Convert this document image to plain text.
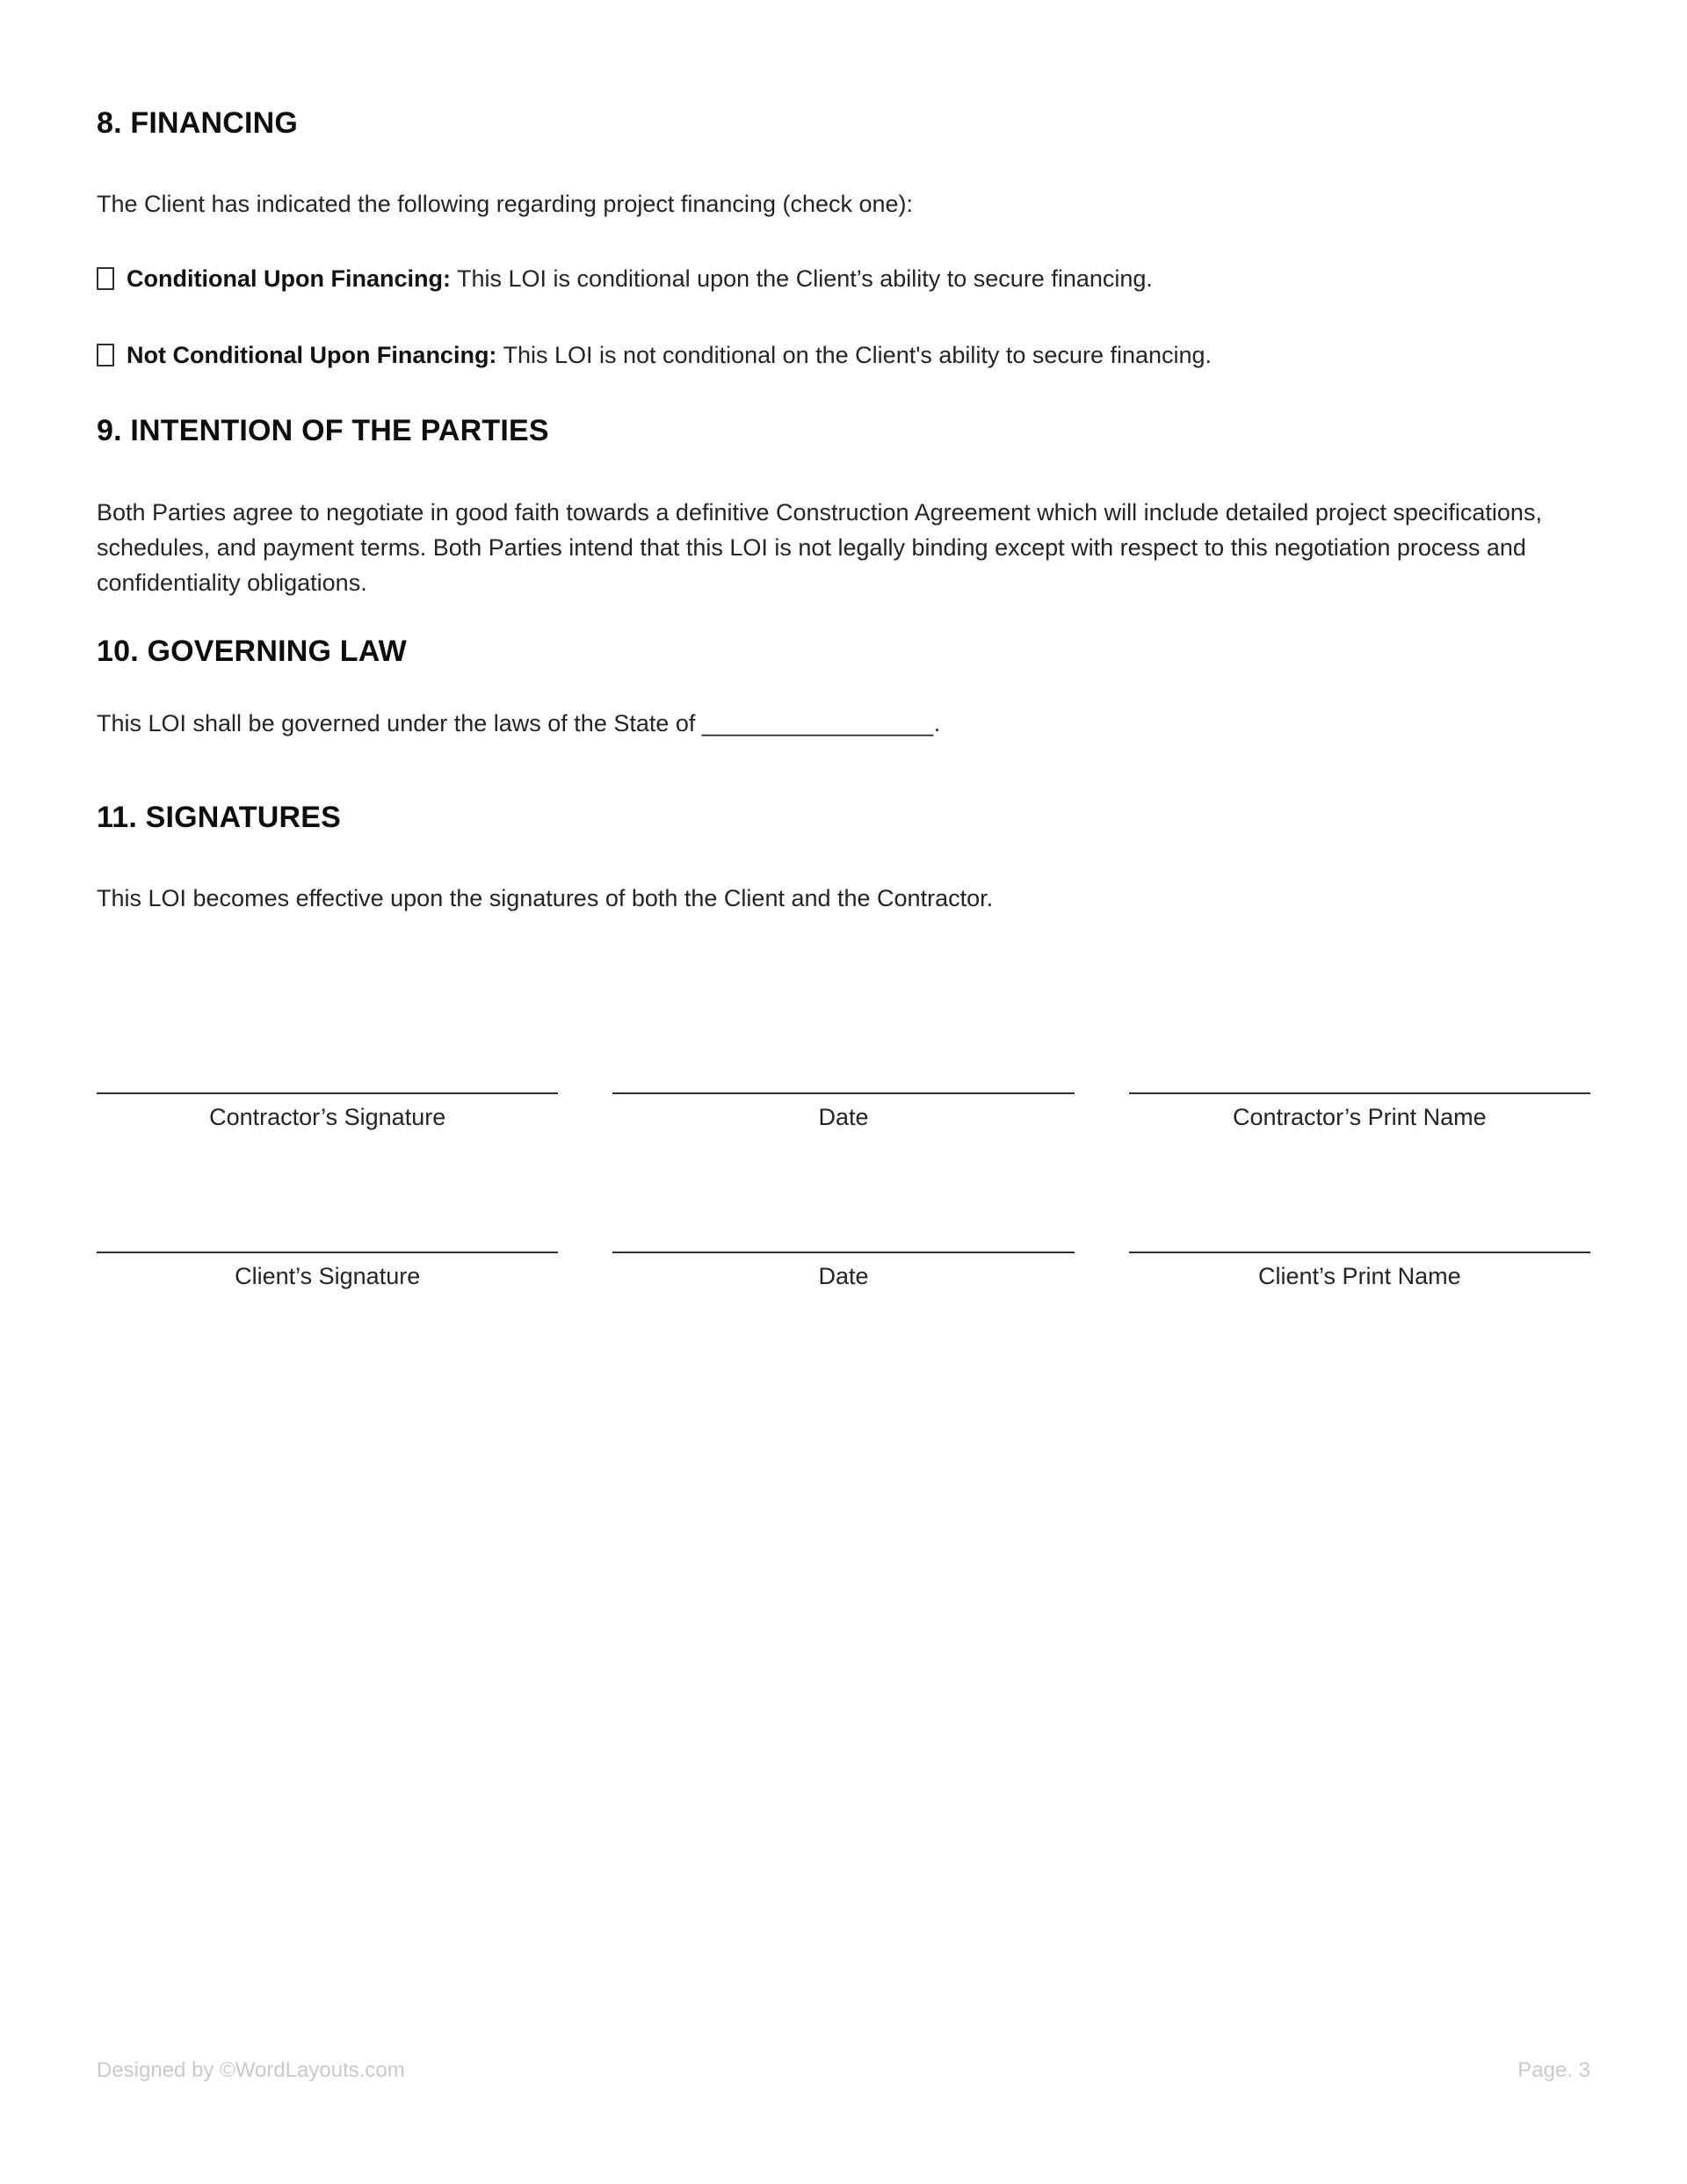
8. FINANCING

The Client has indicated the following regarding project financing (check one):

Conditional Upon Financing: This LOI is conditional upon the Client’s ability to secure financing.
Not Conditional Upon Financing: This LOI is not conditional on the Client's ability to secure financing.
9. INTENTION OF THE PARTIES

Both Parties agree to negotiate in good faith towards a definitive Construction Agreement which will include detailed project specifications, schedules, and payment terms. Both Parties intend that this LOI is not legally binding except with respect to this negotiation process and confidentiality obligations.

10. GOVERNING LAW

This LOI shall be governed under the laws of the State of _________________.

11. SIGNATURES

This LOI becomes effective upon the signatures of both the Client and the Contractor.

Contractor’s Signature	Date	Contractor’s Print Name
Client’s Signature	Date	Client’s Print Name
Designed by ©WordLayouts.com	Page. 3
